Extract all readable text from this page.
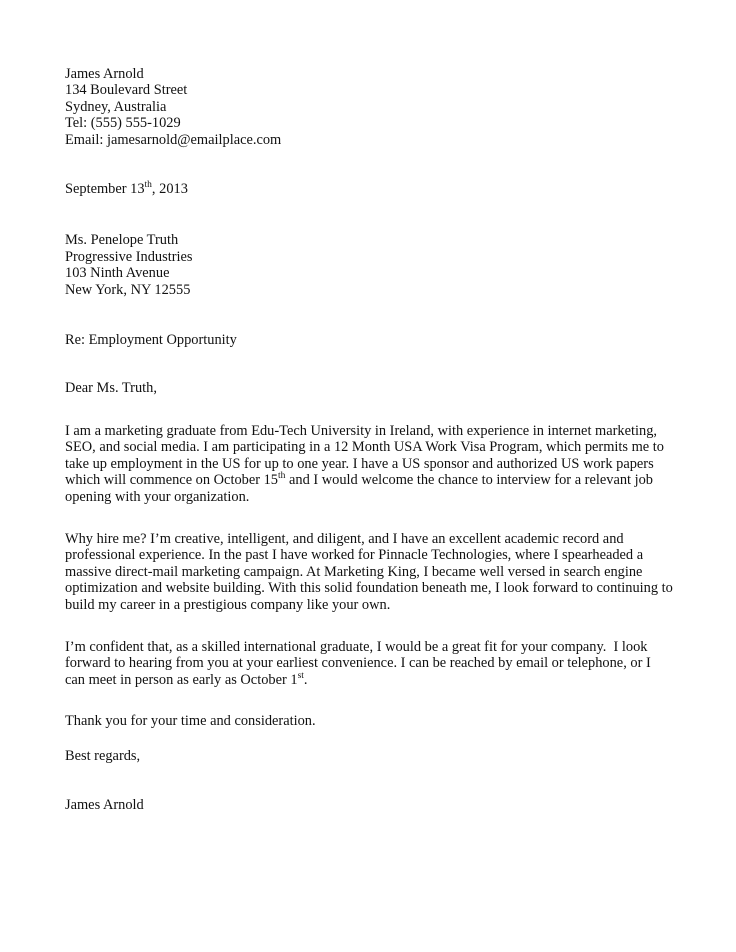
James Arnold
134 Boulevard Street
Sydney, Australia
Tel: (555) 555-1029
Email: jamesarnold@emailplace.com
September 13th, 2013
Ms. Penelope Truth
Progressive Industries
103 Ninth Avenue
New York, NY 12555
Re: Employment Opportunity
Dear Ms. Truth,
I am a marketing graduate from Edu-Tech University in Ireland, with experience in internet marketing, SEO, and social media. I am participating in a 12 Month USA Work Visa Program, which permits me to take up employment in the US for up to one year. I have a US sponsor and authorized US work papers which will commence on October 15th and I would welcome the chance to interview for a relevant job opening with your organization.
Why hire me? I’m creative, intelligent, and diligent, and I have an excellent academic record and professional experience. In the past I have worked for Pinnacle Technologies, where I spearheaded a massive direct-mail marketing campaign. At Marketing King, I became well versed in search engine optimization and website building. With this solid foundation beneath me, I look forward to continuing to build my career in a prestigious company like your own.
I’m confident that, as a skilled international graduate, I would be a great fit for your company.  I look forward to hearing from you at your earliest convenience. I can be reached by email or telephone, or I can meet in person as early as October 1st.
Thank you for your time and consideration.
Best regards,
James Arnold
